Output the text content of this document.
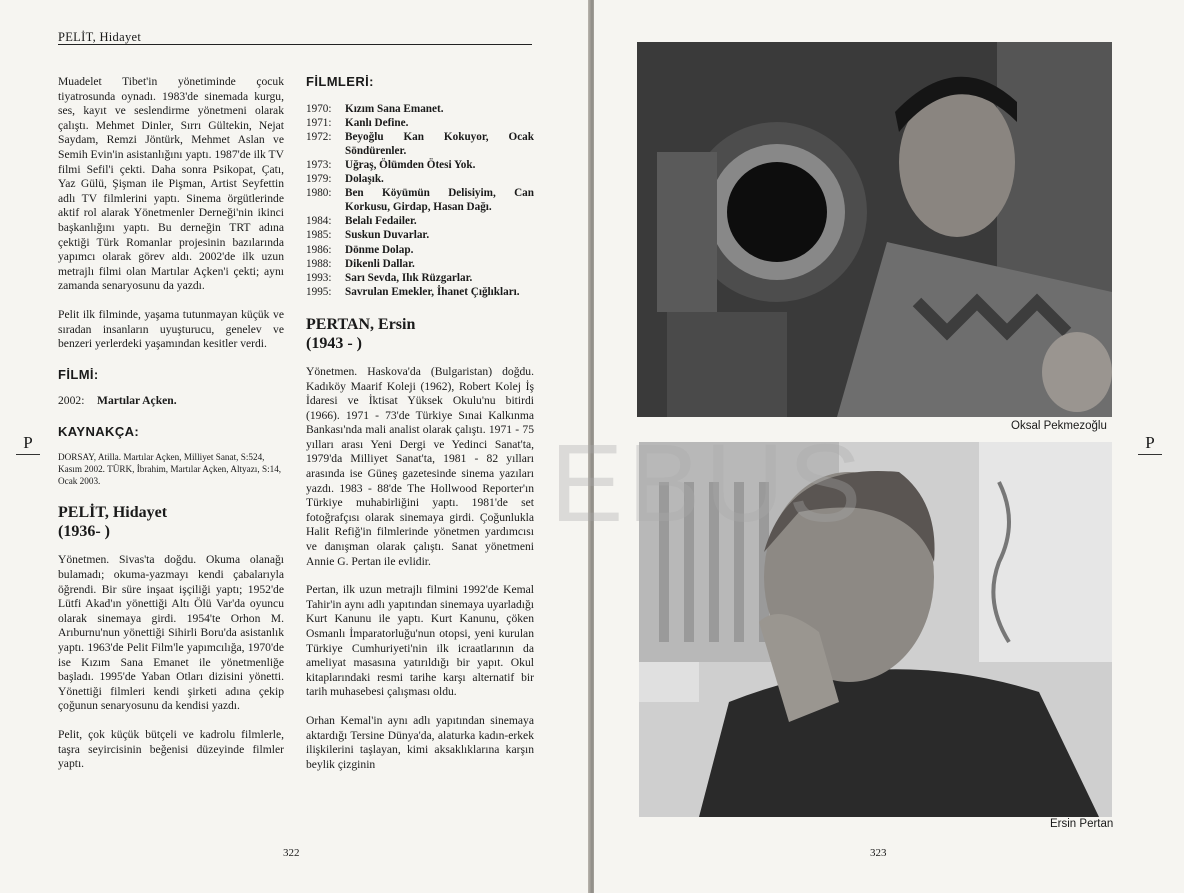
PELİT, Hidayet

Muadelet Tibet'in yönetiminde çocuk tiyatrosunda oynadı. 1983'de sinemada kurgu, ses, kayıt ve seslendirme yönetmeni olarak çalıştı. Mehmet Dinler, Sırrı Gültekin, Nejat Saydam, Remzi Jöntürk, Mehmet Aslan ve Semih Evin'in asistanlığını yaptı. 1987'de ilk TV filmi Sefil'i çekti. Daha sonra Psikopat, Çatı, Yaz Gülü, Şişman ile Pişman, Artist Seyfettin adlı TV filmlerini yaptı. Sinema örgütlerinde aktif rol alarak Yönetmenler Derneği'nin ikinci başkanlığını yaptı. Bu derneğin TRT adına çektiği Türk Romanlar projesinin bazılarında yapımcı olarak görev aldı. 2002'de ilk uzun metrajlı filmi olan Martılar Açken'i çekti; aynı zamanda senaryosunu da yazdı.

Pelit ilk filminde, yaşama tutunmayan küçük ve sıradan insanların uyuşturucu, genelev ve benzeri yerlerdeki yaşamından kesitler verdi.

FİLMİ:
2002:	Martılar Açken.
KAYNAKÇA:
DORSAY, Atilla. Martılar Açken, Milliyet Sanat, S:524, Kasım 2002. TÜRK, İbrahim, Martılar Açken, Altyazı, S:14, Ocak 2003.
PELİT, Hidayet
(1936- )

Yönetmen. Sivas'ta doğdu. Okuma olanağı bulamadı; okuma-yazmayı kendi çabalarıyla öğrendi. Bir süre inşaat işçiliği yaptı; 1952'de Lütfi Akad'ın yönettiği Altı Ölü Var'da oyuncu olarak sinemaya girdi. 1954'te Orhon M. Arıburnu'nun yönettiği Sihirli Boru'da asistanlık yaptı. 1963'de Pelit Film'le yapımcılığa, 1970'de ise Kızım Sana Emanet ile yönetmenliğe başladı. 1995'de Yaban Otları dizisini yönetti. Yönettiği filmleri kendi şirketi adına çekip çoğunun senaryosunu da kendisi yazdı.

Pelit, çok küçük bütçeli ve kadrolu filmlerle, taşra seyircisinin beğenisi düzeyinde filmler yaptı.

FİLMLERİ:
1970:	Kızım Sana Emanet.
1971:	Kanlı Define.
1972:	Beyoğlu Kan Kokuyor, Ocak Söndürenler.
1973:	Uğraş, Ölümden Ötesi Yok.
1979:	Dolaşık.
1980:	Ben Köyümün Delisiyim, Can Korkusu, Girdap, Hasan Dağı.
1984:	Belalı Fedailer.
1985:	Suskun Duvarlar.
1986:	Dönme Dolap.
1988:	Dikenli Dallar.
1993:	Sarı Sevda, Ilık Rüzgarlar.
1995:	Savrulan Emekler, İhanet Çığlıkları.
PERTAN, Ersin
(1943 - )

Yönetmen. Haskova'da (Bulgaristan) doğdu. Kadıköy Maarif Koleji (1962), Robert Kolej İş İdaresi ve İktisat Yüksek Okulu'nu bitirdi (1966). 1971 - 73'de Türkiye Sınai Kalkınma Bankası'nda mali analist olarak çalıştı. 1971 - 75 yılları arası Yeni Dergi ve Yedinci Sanat'ta, 1979'da Milliyet Sanat'ta, 1981 - 82 yılları arasında ise Güneş gazetesinde sinema yazıları yazdı. 1983 - 88'de The Hollwood Reporter'ın Türkiye muhabirliğini yaptı. 1981'de set fotoğrafçısı olarak sinemaya girdi. Çoğunlukla Halit Refiğ'in filmlerinde yönetmen yardımcısı ve danışman olarak çalıştı. Sanat yönetmeni Annie G. Pertan ile evlidir.

Pertan, ilk uzun metrajlı filmini 1992'de Kemal Tahir'in aynı adlı yapıtından sinemaya uyarladığı Kurt Kanunu ile yaptı. Kurt Kanunu, çöken Osmanlı İmparatorluğu'nun otopsi, yeni kurulan Türkiye Cumhuriyeti'nin ilk icraatlarının da ameliyat masasına yatırıldığı bir yapıt. Okul kitaplarındaki resmi tarihe karşı alternatif bir tarih muhasebesi çalışması oldu.

Orhan Kemal'in aynı adlı yapıtından sinemaya aktardığı Tersine Dünya'da, alaturka kadın-erkek ilişkilerini taşlayan, kimi aksaklıklarına karşın beylik çizginin

P
322
Oksal Pekmezoğlu
Ersin Pertan
EBUS	P
323
